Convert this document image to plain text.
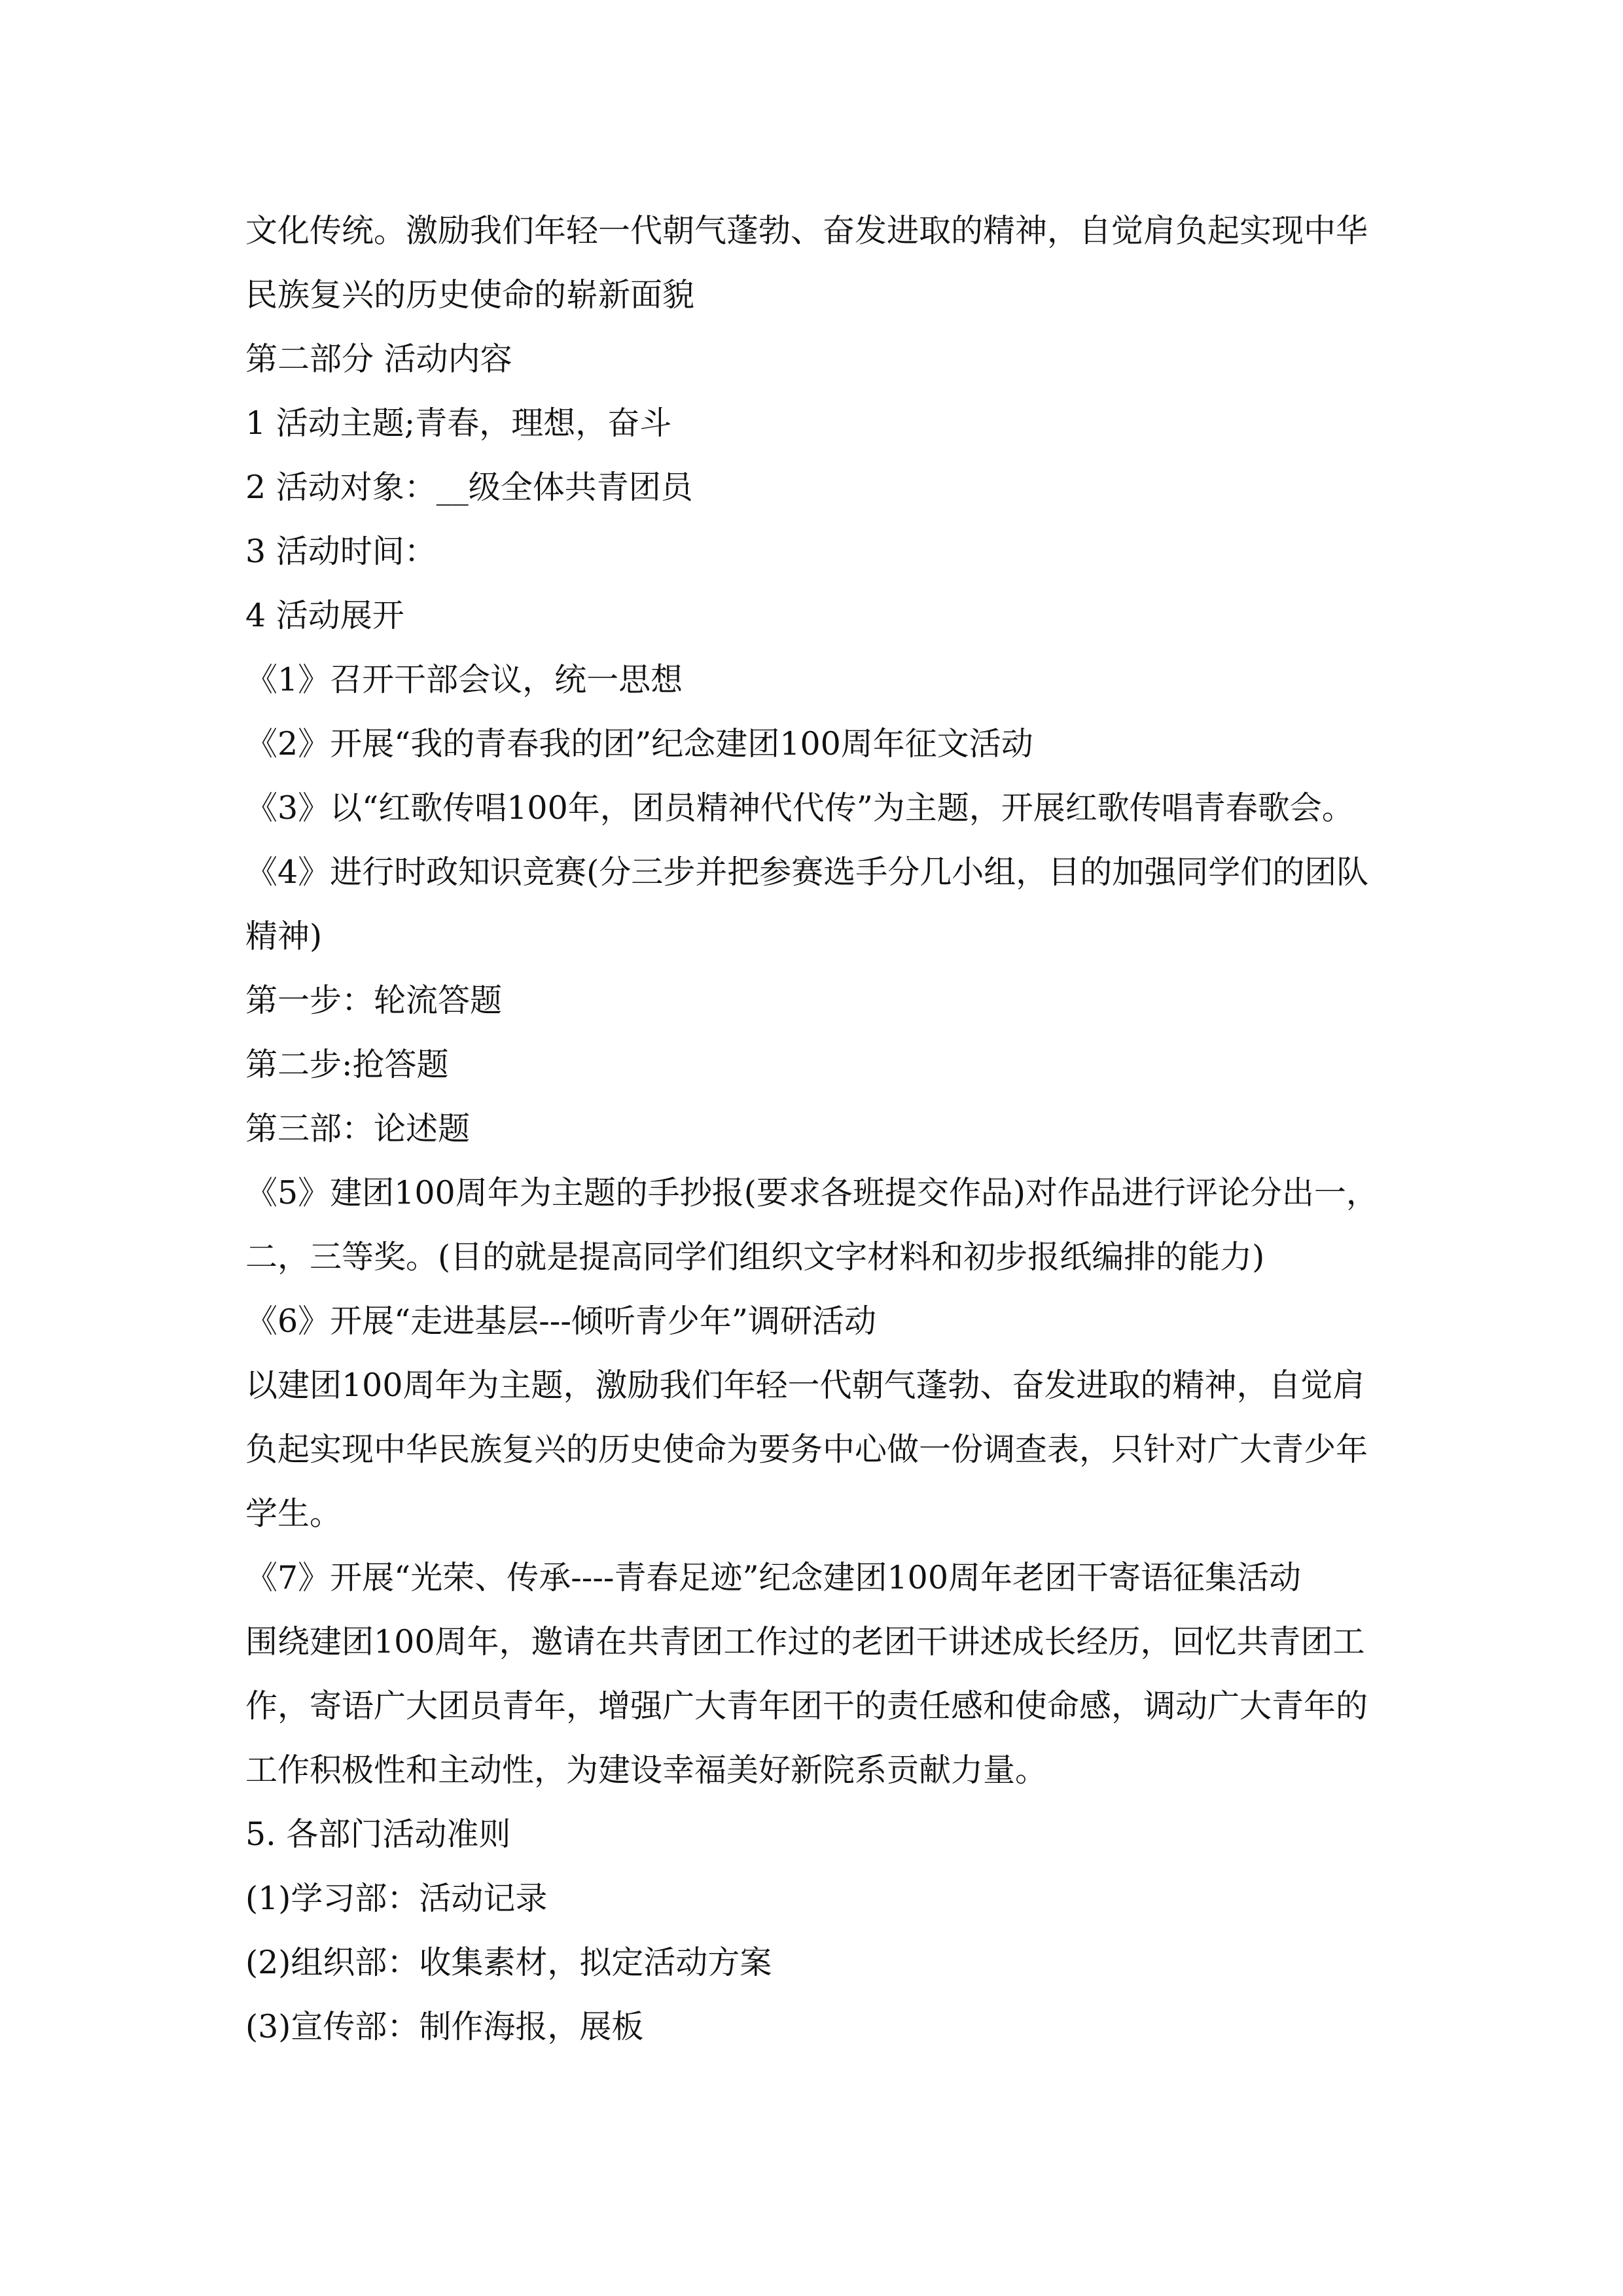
文化传统。激励我们年轻一代朝气蓬勃、奋发进取的精神，自觉肩负起实现中华
民族复兴的历史使命的崭新面貌
第二部分 活动内容
1 活动主题;青春，理想，奋斗
2 活动对象：__级全体共青团员
3 活动时间：
4 活动展开
《1》召开干部会议，统一思想
《2》开展“我的青春我的团”纪念建团100周年征文活动
《3》以“红歌传唱100年，团员精神代代传”为主题，开展红歌传唱青春歌会。
《4》进行时政知识竞赛(分三步并把参赛选手分几小组，目的加强同学们的团队
精神)
第一步：轮流答题
第二步:抢答题
第三部：论述题
《5》建团100周年为主题的手抄报(要求各班提交作品)对作品进行评论分出一，
二，三等奖。(目的就是提高同学们组织文字材料和初步报纸编排的能力)
《6》开展“走进基层---倾听青少年”调研活动
以建团100周年为主题，激励我们年轻一代朝气蓬勃、奋发进取的精神，自觉肩
负起实现中华民族复兴的历史使命为要务中心做一份调查表，只针对广大青少年
学生。
《7》开展“光荣、传承----青春足迹”纪念建团100周年老团干寄语征集活动
围绕建团100周年，邀请在共青团工作过的老团干讲述成长经历，回忆共青团工
作，寄语广大团员青年，增强广大青年团干的责任感和使命感，调动广大青年的
工作积极性和主动性，为建设幸福美好新院系贡献力量。
5. 各部门活动准则
(1)学习部：活动记录
(2)组织部：收集素材，拟定活动方案
(3)宣传部：制作海报，展板
